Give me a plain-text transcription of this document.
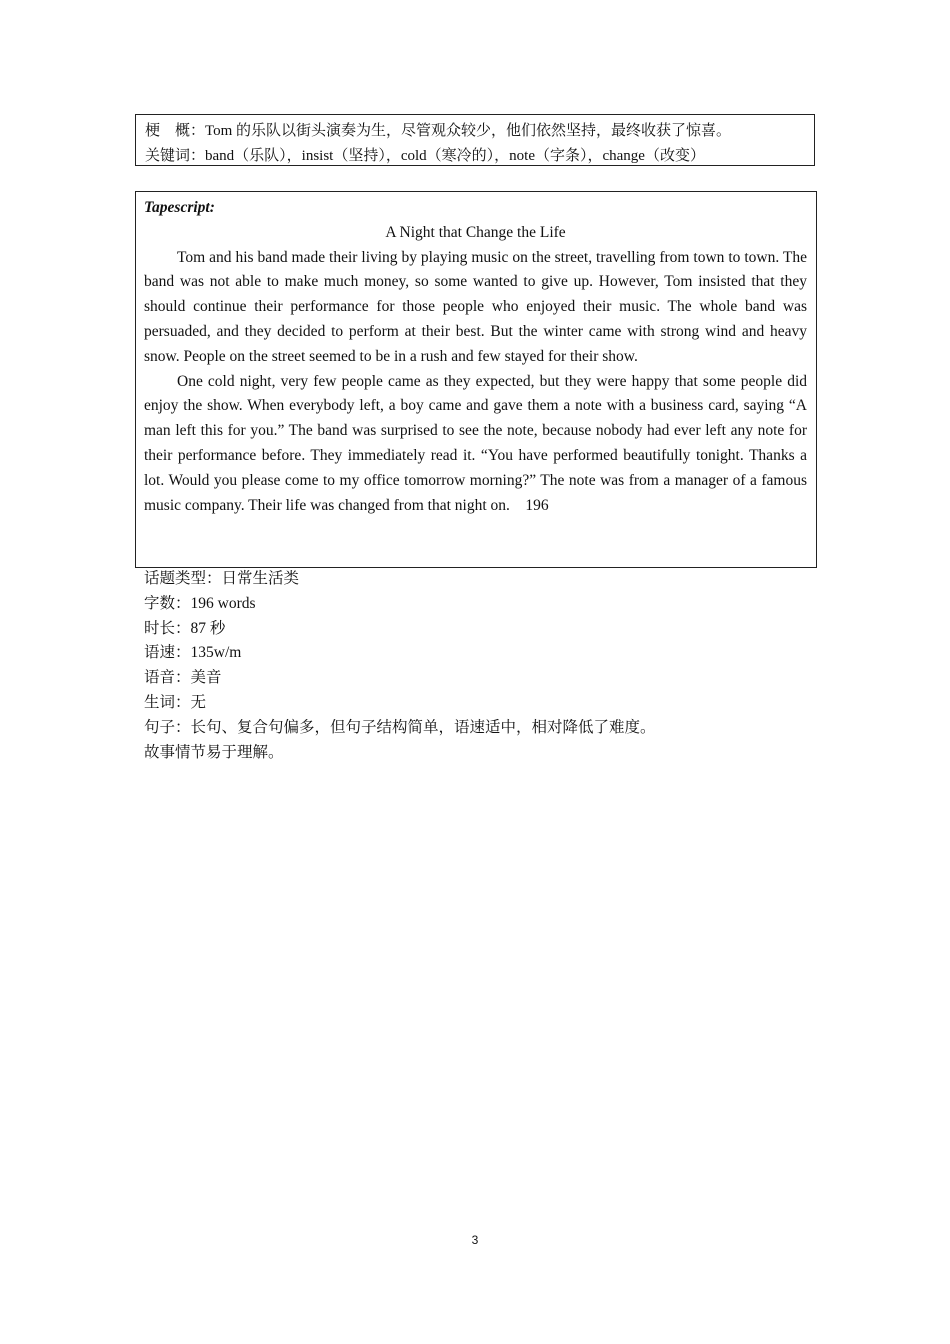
梗　概：Tom 的乐队以街头演奏为生，尽管观众较少，他们依然坚持，最终收获了惊喜。
关键词：band（乐队），insist（坚持），cold（寒冷的），note（字条），change（改变）
Tapescript:
A Night that Change the Life

Tom and his band made their living by playing music on the street, travelling from town to town. The band was not able to make much money, so some wanted to give up. However, Tom insisted that they should continue their performance for those people who enjoyed their music. The whole band was persuaded, and they decided to perform at their best. But the winter came with strong wind and heavy snow. People on the street seemed to be in a rush and few stayed for their show.

One cold night, very few people came as they expected, but they were happy that some people did enjoy the show. When everybody left, a boy came and gave them a note with a business card, saying “A man left this for you.” The band was surprised to see the note, because nobody had ever left any note for their performance before. They immediately read it. “You have performed beautifully tonight. Thanks a lot. Would you please come to my office tomorrow morning?” The note was from a manager of a famous music company. Their life was changed from that night on.　196

话题类型：日常生活类
字数：196 words
时长：87 秒
语速：135w/m
语音：美音
生词：无
句子：长句、复合句偏多，但句子结构简单，语速适中，相对降低了难度。
故事情节易于理解。
3
